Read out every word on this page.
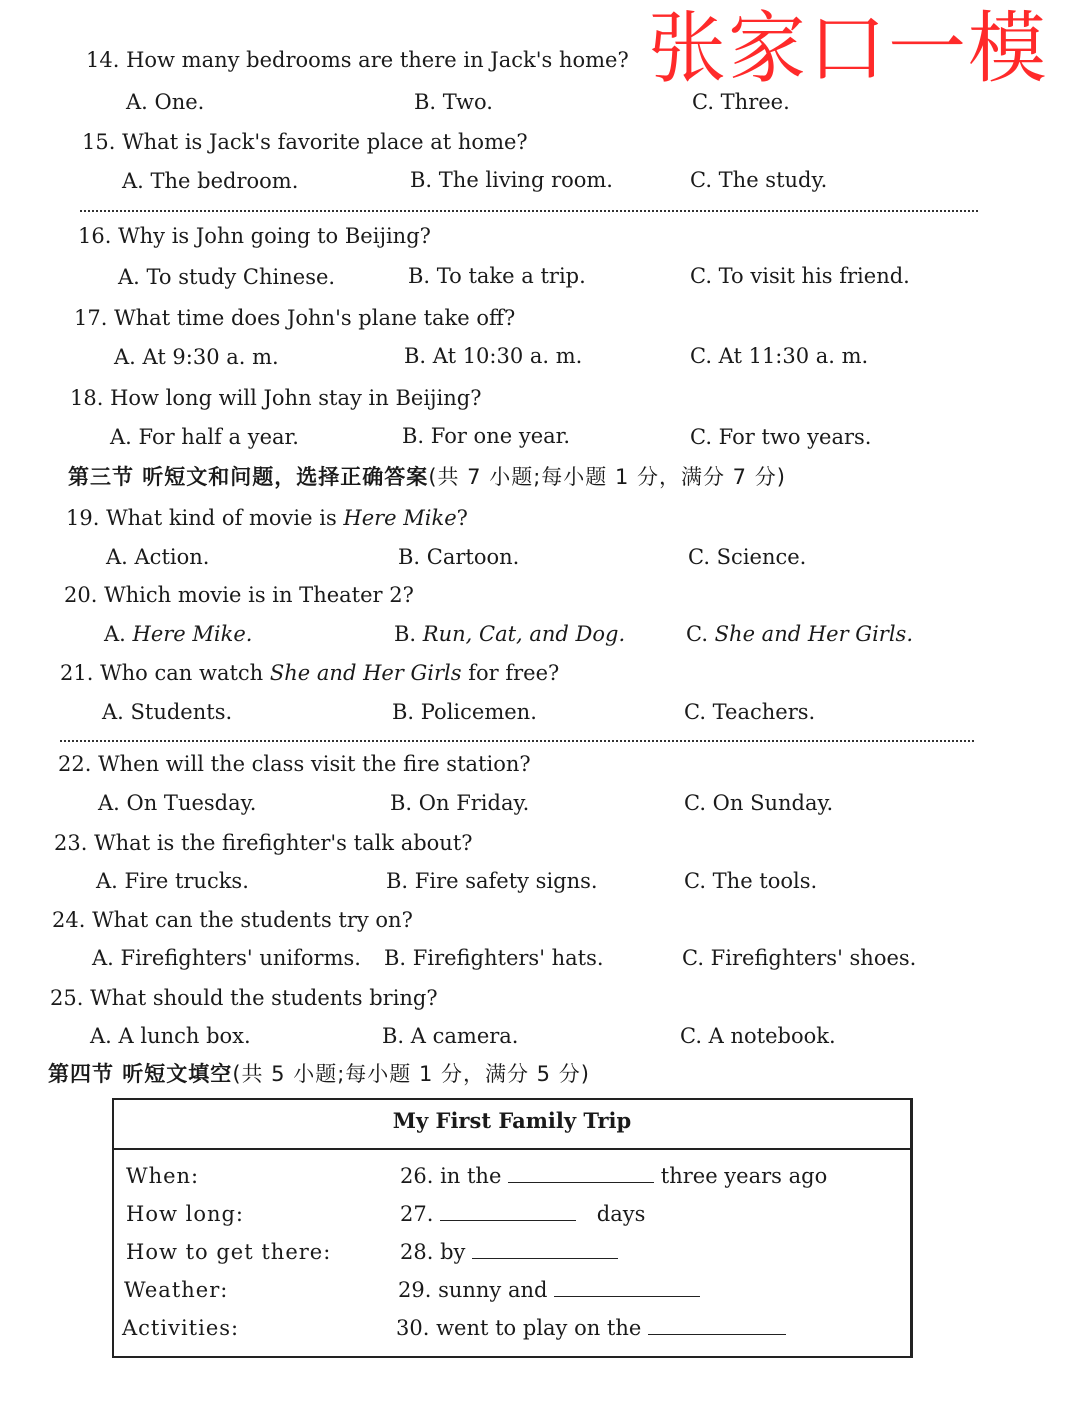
张家口一模
14. How many bedrooms are there in Jack's home?
A. One.	B. Two.	C. Three.
15. What is Jack's favorite place at home?
A. The bedroom.	B. The living room.	C. The study.
16. Why is John going to Beijing?
A. To study Chinese.	B. To take a trip.	C. To visit his friend.
17. What time does John's plane take off?
A. At 9:30 a. m.	B. At 10:30 a. m.	C. At 11:30 a. m.
18. How long will John stay in Beijing?
A. For half a year.	B. For one year.	C. For two years.
第三节 听短文和问题，选择正确答案(共 7 小题;每小题 1 分，满分 7 分)
19. What kind of movie is Here Mike?
A. Action.	B. Cartoon.	C. Science.
20. Which movie is in Theater 2?
A. Here Mike.	B. Run, Cat, and Dog.	C. She and Her Girls.
21. Who can watch She and Her Girls for free?
A. Students.	B. Policemen.	C. Teachers.
22. When will the class visit the fire station?
A. On Tuesday.	B. On Friday.	C. On Sunday.
23. What is the firefighter's talk about?
A. Fire trucks.	B. Fire safety signs.	C. The tools.
24. What can the students try on?
A. Firefighters' uniforms. B. Firefighters' hats.	C. Firefighters' shoes.
25. What should the students bring?
A. A lunch box.	B. A camera.	C. A notebook.
第四节 听短文填空(共 5 小题;每小题 1 分，满分 5 分)
My First Family Trip
When:	26. in the	three years ago
How long:	27.	days
How to get there:	28. by
Weather:	29. sunny and
Activities:	30. went to play on the
